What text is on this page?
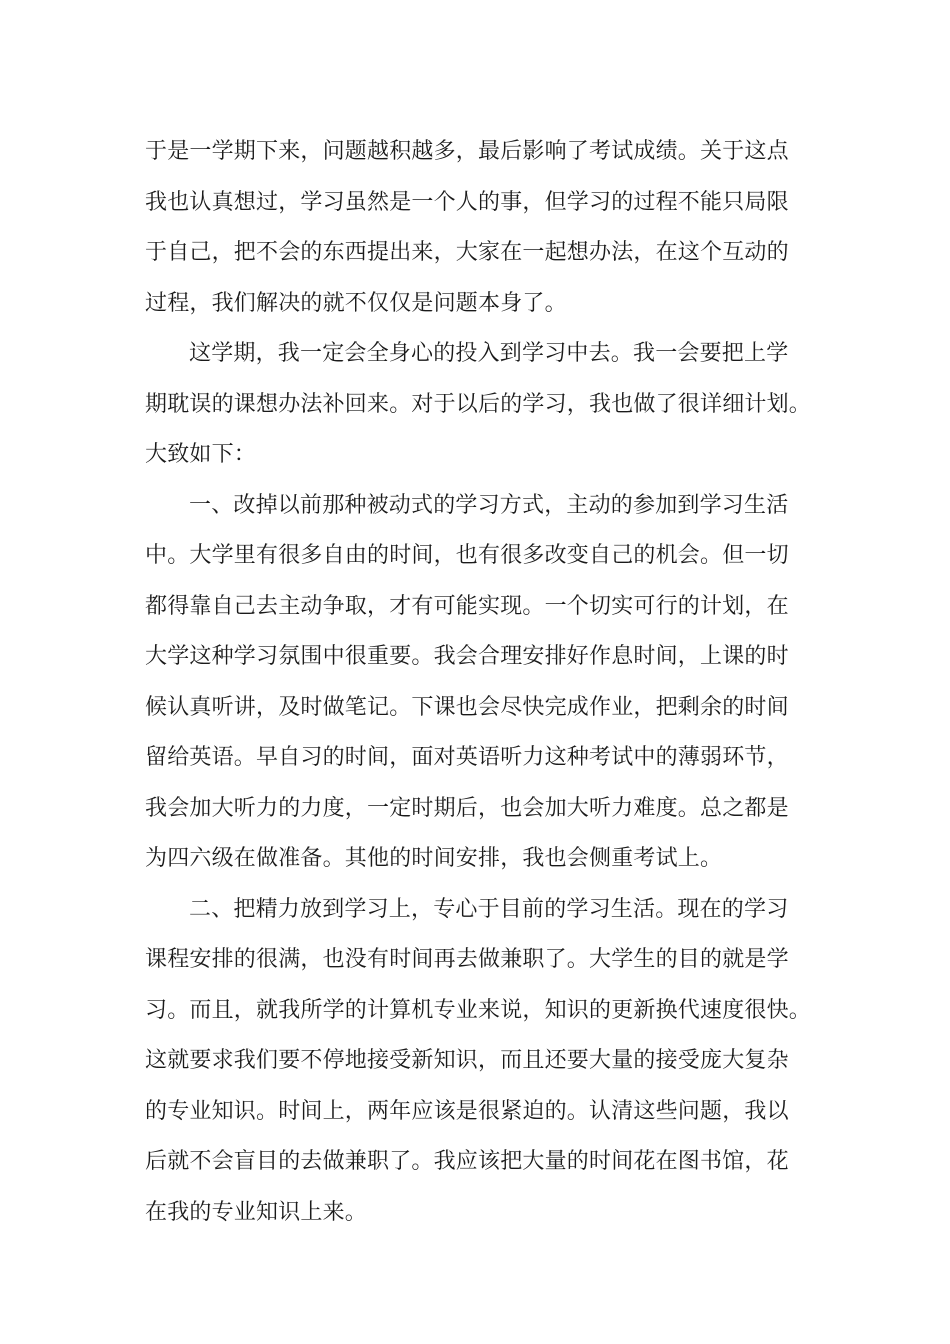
于是一学期下来，问题越积越多，最后影响了考试成绩。关于这点
我也认真想过，学习虽然是一个人的事，但学习的过程不能只局限
于自己，把不会的东西提出来，大家在一起想办法，在这个互动的
过程，我们解决的就不仅仅是问题本身了。

这学期，我一定会全身心的投入到学习中去。我一会要把上学
期耽误的课想办法补回来。对于以后的学习，我也做了很详细计划。
大致如下：

一、改掉以前那种被动式的学习方式，主动的参加到学习生活
中。大学里有很多自由的时间，也有很多改变自己的机会。但一切
都得靠自己去主动争取，才有可能实现。一个切实可行的计划，在
大学这种学习氛围中很重要。我会合理安排好作息时间，上课的时
候认真听讲，及时做笔记。下课也会尽快完成作业，把剩余的时间
留给英语。早自习的时间，面对英语听力这种考试中的薄弱环节，
我会加大听力的力度，一定时期后，也会加大听力难度。总之都是
为四六级在做准备。其他的时间安排，我也会侧重考试上。

二、把精力放到学习上，专心于目前的学习生活。现在的学习
课程安排的很满，也没有时间再去做兼职了。大学生的目的就是学
习。而且，就我所学的计算机专业来说，知识的更新换代速度很快。
这就要求我们要不停地接受新知识，而且还要大量的接受庞大复杂
的专业知识。时间上，两年应该是很紧迫的。认清这些问题，我以
后就不会盲目的去做兼职了。我应该把大量的时间花在图书馆，花
在我的专业知识上来。
